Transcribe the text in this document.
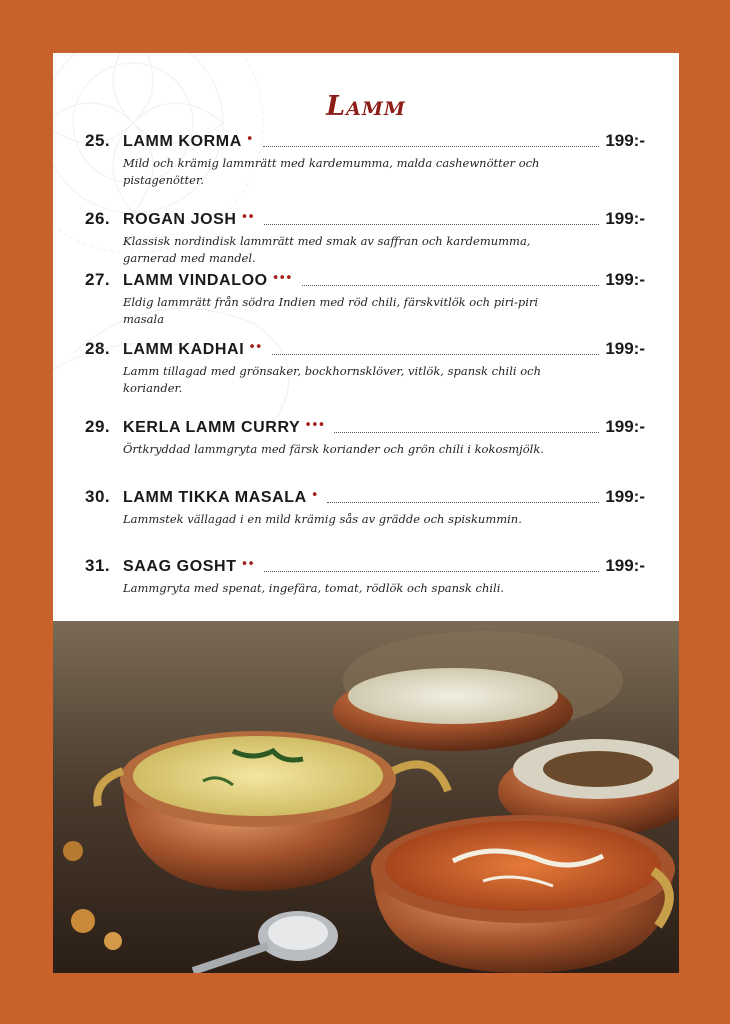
Lamm
25. LAMM KORMA •	199:-
Mild och krämig lammrätt med kardemumma, malda cashewnötter och pistagenötter.
26. ROGAN JOSH ••	199:-
Klassisk nordindisk lammrätt med smak av saffran och kardemumma, garnerad med mandel.
27. LAMM VINDALOO •••	199:-
Eldig lammrätt från södra Indien med röd chili, färskvitlök och piri-piri masala
28. LAMM KADHAI ••	199:-
Lamm tillagad med grönsaker, bockhornsklöver, vitlök, spansk chili och koriander.
29. KERLA LAMM CURRY •••	199:-
Örtkryddad lammgryta med färsk koriander och grön chili i kokosmjölk.
30. LAMM TIKKA MASALA •	199:-
Lammstek vällagad i en mild krämig sås av grädde och spiskummin.
31. SAAG GOSHT ••	199:-
Lammgryta med spenat, ingefära, tomat, rödlök och spansk chili.
